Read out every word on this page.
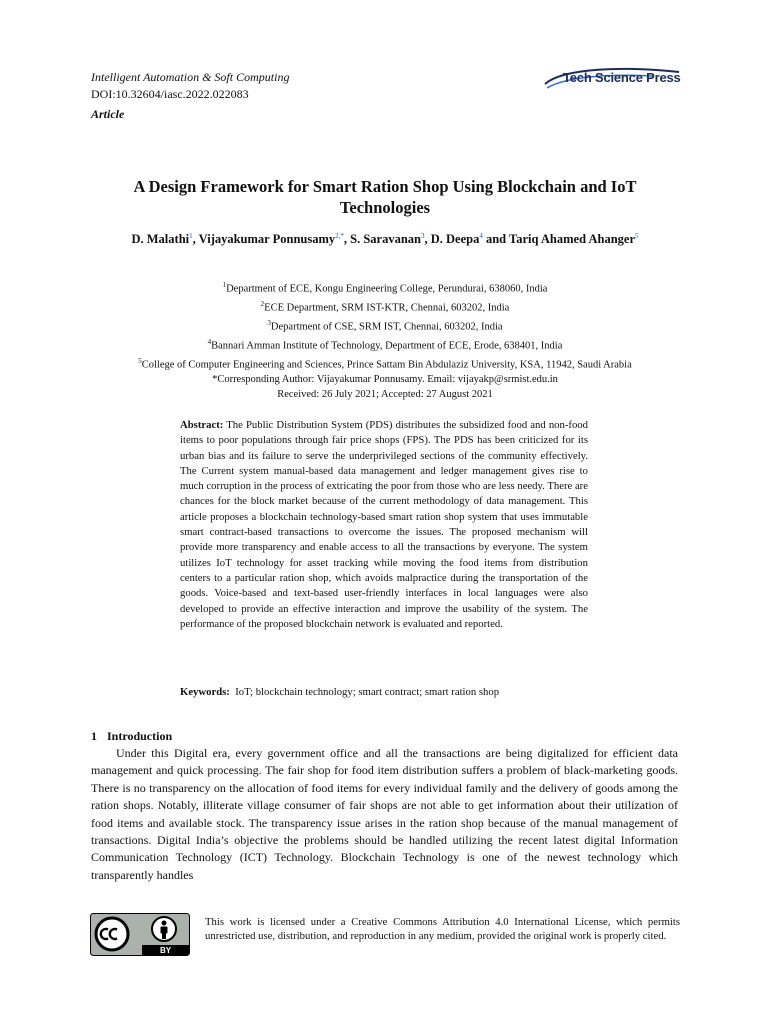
Intelligent Automation & Soft Computing
DOI:10.32604/iasc.2022.022083
Article
Tech Science Press
A Design Framework for Smart Ration Shop Using Blockchain and IoT
Technologies
D. Malathi$^1$, Vijayakumar Ponnusamy$^{2,*}$, S. Saravanan$^3$, D. Deepa$^4$ and Tariq Ahamed Ahanger$^5$
$^1$Department of ECE, Kongu Engineering College, Perundurai, 638060, India
$^2$ECE Department, SRM IST-KTR, Chennai, 603202, India
$^3$Department of CSE, SRM IST, Chennai, 603202, India
$^4$Bannari Amman Institute of Technology, Department of ECE, Erode, 638401, India
$^5$College of Computer Engineering and Sciences, Prince Sattam Bin Abdulaziz University, KSA, 11942, Saudi Arabia
*Corresponding Author: Vijayakumar Ponnusamy. Email: vijayakp@srmist.edu.in
Received: 26 July 2021; Accepted: 27 August 2021
Abstract: The Public Distribution System (PDS) distributes the subsidized food and non-food items to poor populations through fair price shops (FPS). The PDS has been criticized for its urban bias and its failure to serve the underprivileged sections of the community effectively. The Current system manual-based data management and ledger management gives rise to much corruption in the process of extricating the poor from those who are less needy. There are chances for the block market because of the current methodology of data management. This article proposes a blockchain technology-based smart ration shop system that uses immutable smart contract-based transactions to overcome the issues. The proposed mechanism will provide more transparency and enable access to all the transactions by everyone. The system utilizes IoT technology for asset tracking while moving the food items from distribution centers to a particular ration shop, which avoids malpractice during the transportation of the goods. Voice-based and text-based user-friendly interfaces in local languages were also developed to provide an effective interaction and improve the usability of the system. The performance of the proposed blockchain network is evaluated and reported.
Keywords: IoT; blockchain technology; smart contract; smart ration shop
1 Introduction

Under this Digital era, every government office and all the transactions are being digitalized for efficient data management and quick processing. The fair shop for food item distribution suffers a problem of black-marketing goods. There is no transparency on the allocation of food items for every individual family and the delivery of goods among the ration shops. Notably, illiterate village consumer of fair shops are not able to get information about their utilization of food items and available stock. The transparency issue arises in the ration shop because of the manual management of transactions. Digital India’s objective the problems should be handled utilizing the recent latest digital Information Communication Technology (ICT) Technology. Blockchain Technology is one of the newest technology which transparently handles

BY
This work is licensed under a Creative Commons Attribution 4.0 International License, which permits unrestricted use, distribution, and reproduction in any medium, provided the original work is properly cited.
